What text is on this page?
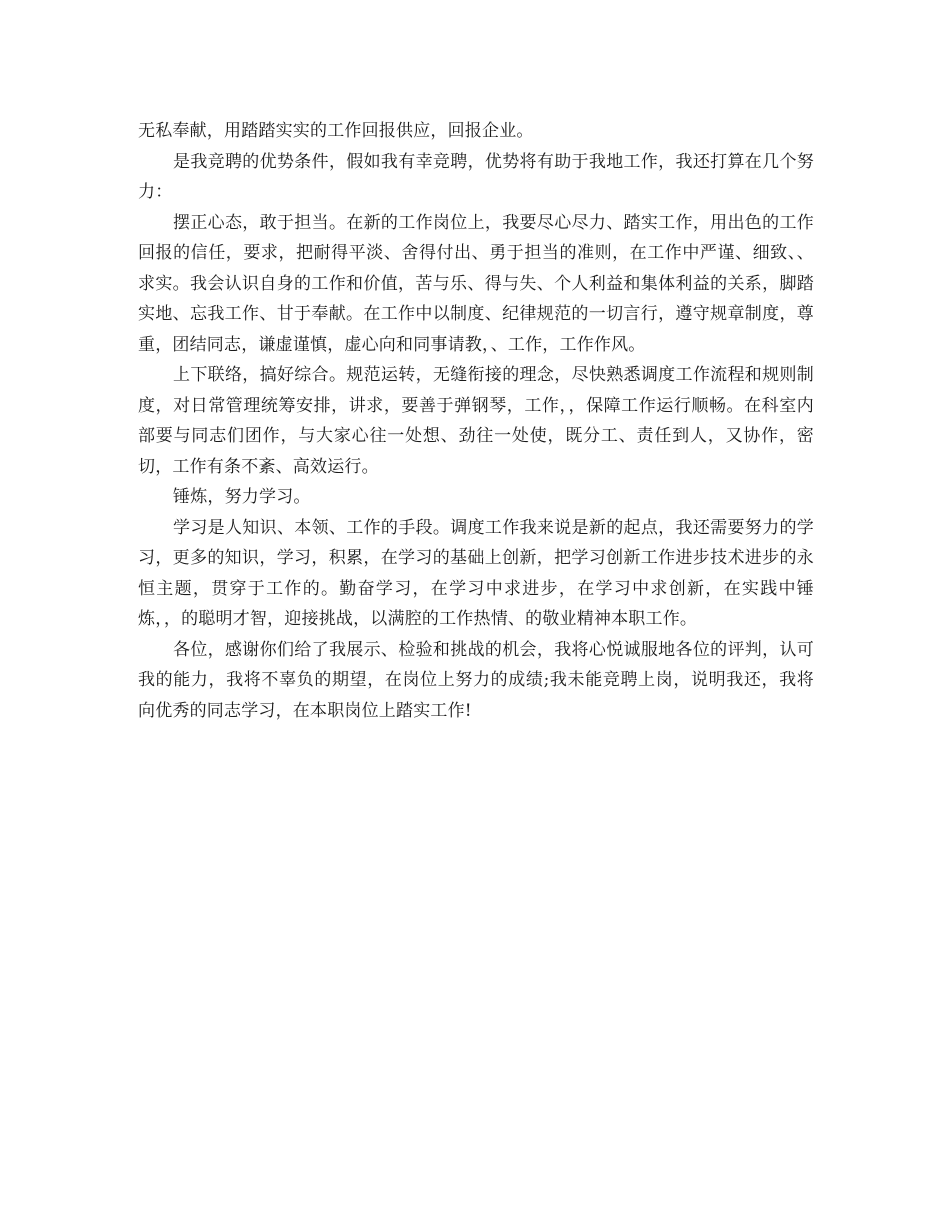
无私奉献，用踏踏实实的工作回报供应，回报企业。

是我竞聘的优势条件，假如我有幸竞聘，优势将有助于我地工作，我还打算在几个努力：

摆正心态，敢于担当。在新的工作岗位上，我要尽心尽力、踏实工作，用出色的工作回报的信任，要求，把耐得平淡、舍得付出、勇于担当的准则，在工作中严谨、细致、、求实。我会认识自身的工作和价值，苦与乐、得与失、个人利益和集体利益的关系，脚踏实地、忘我工作、甘于奉献。在工作中以制度、纪律规范的一切言行，遵守规章制度，尊重，团结同志，谦虚谨慎，虚心向和同事请教，、工作，工作作风。

上下联络，搞好综合。规范运转，无缝衔接的理念，尽快熟悉调度工作流程和规则制度，对日常管理统筹安排，讲求，要善于弹钢琴，工作，，保障工作运行顺畅。在科室内部要与同志们团作，与大家心往一处想、劲往一处使，既分工、责任到人，又协作，密切，工作有条不紊、高效运行。

锤炼，努力学习。

学习是人知识、本领、工作的手段。调度工作我来说是新的起点，我还需要努力的学习，更多的知识，学习，积累，在学习的基础上创新，把学习创新工作进步技术进步的永恒主题，贯穿于工作的。勤奋学习，在学习中求进步，在学习中求创新，在实践中锤炼，，的聪明才智，迎接挑战，以满腔的工作热情、的敬业精神本职工作。

各位，感谢你们给了我展示、检验和挑战的机会，我将心悦诚服地各位的评判，认可我的能力，我将不辜负的期望，在岗位上努力的成绩;我未能竞聘上岗，说明我还，我将向优秀的同志学习，在本职岗位上踏实工作!
